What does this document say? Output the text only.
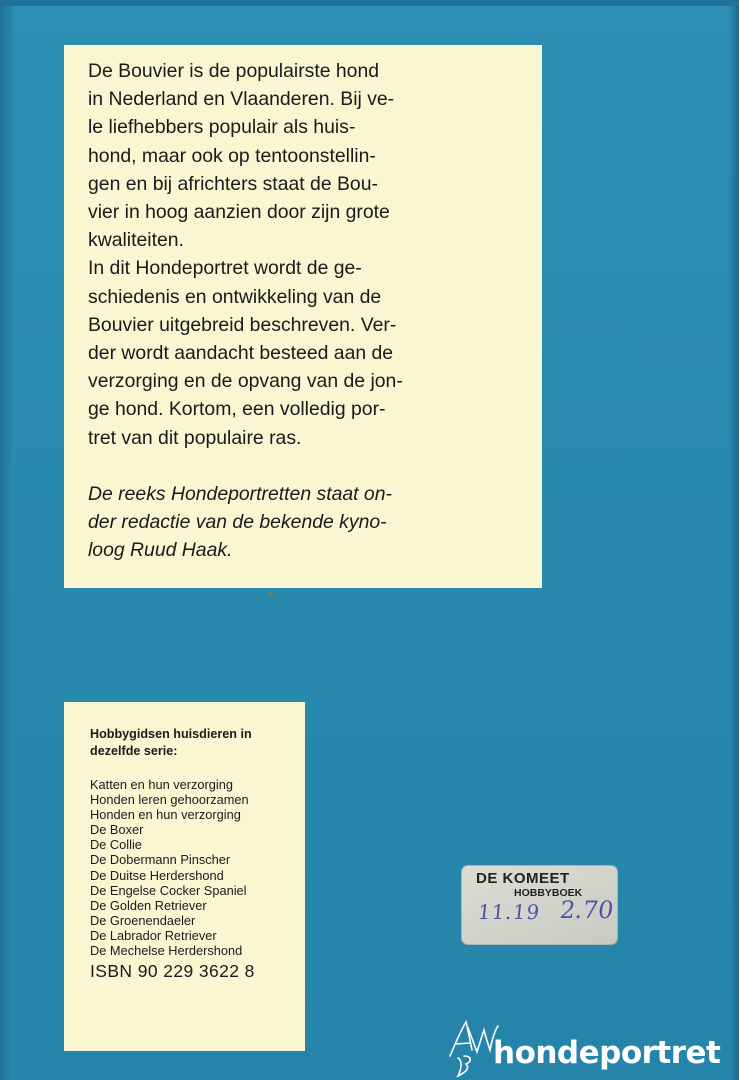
De Bouvier is de populairste hond
in Nederland en Vlaanderen. Bij ve-
le liefhebbers populair als huis-
hond, maar ook op tentoonstellin-
gen en bij africhters staat de Bou-
vier in hoog aanzien door zijn grote
kwaliteiten.
In dit Hondeportret wordt de ge-
schiedenis en ontwikkeling van de
Bouvier uitgebreid beschreven. Ver-
der wordt aandacht besteed aan de
verzorging en de opvang van de jon-
ge hond. Kortom, een volledig por-
tret van dit populaire ras.

De reeks Hondeportretten staat on-
der redactie van de bekende kyno-
loog Ruud Haak.

Hobbygidsen huisdieren in
dezelfde serie:
Katten en hun verzorging
Honden leren gehoorzamen
Honden en hun verzorging
De Boxer
De Collie
De Dobermann Pinscher
De Duitse Herdershond
De Engelse Cocker Spaniel
De Golden Retriever
De Groenendaeler
De Labrador Retriever
De Mechelse Herdershond
ISBN 90 229 3622 8
DE KOMEET
HOBBYBOEK
11.19 2.70
hondeportret
